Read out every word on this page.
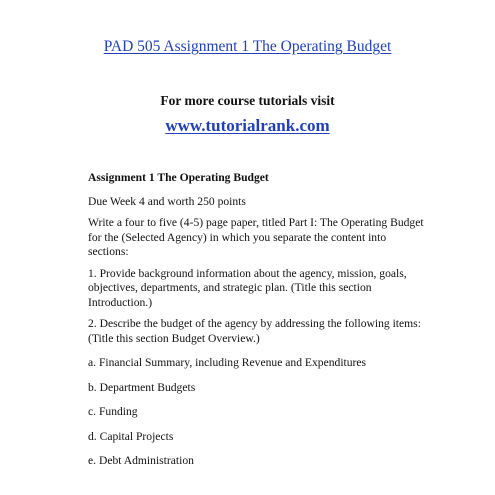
PAD 505 Assignment 1 The Operating Budget
For more course tutorials visit
www.tutorialrank.com

Assignment 1 The Operating Budget

Due Week 4 and worth 250 points

Write a four to five (4-5) page paper, titled Part I: The Operating Budget for the (Selected Agency) in which you separate the content into sections:

1. Provide background information about the agency, mission, goals, objectives, departments, and strategic plan. (Title this section Introduction.)

2. Describe the budget of the agency by addressing the following items: (Title this section Budget Overview.)

a. Financial Summary, including Revenue and Expenditures

b. Department Budgets

c. Funding

d. Capital Projects

e. Debt Administration
